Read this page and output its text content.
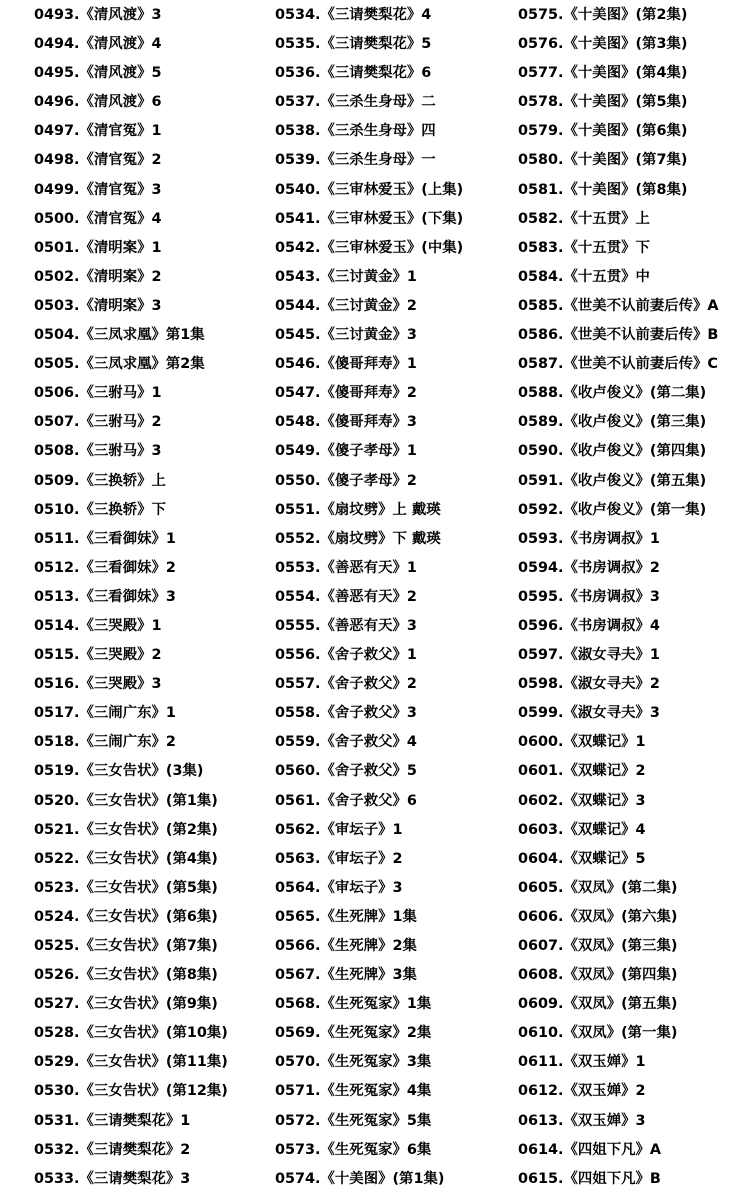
0493.《清风渡》3
0494.《清风渡》4
0495.《清风渡》5
0496.《清风渡》6
0497.《清官冤》1
0498.《清官冤》2
0499.《清官冤》3
0500.《清官冤》4
0501.《清明案》1
0502.《清明案》2
0503.《清明案》3
0504.《三凤求凰》第1集
0505.《三凤求凰》第2集
0506.《三驸马》1
0507.《三驸马》2
0508.《三驸马》3
0509.《三换轿》上
0510.《三换轿》下
0511.《三看御妹》1
0512.《三看御妹》2
0513.《三看御妹》3
0514.《三哭殿》1
0515.《三哭殿》2
0516.《三哭殿》3
0517.《三闹广东》1
0518.《三闹广东》2
0519.《三女告状》(3集)
0520.《三女告状》(第1集)
0521.《三女告状》(第2集)
0522.《三女告状》(第4集)
0523.《三女告状》(第5集)
0524.《三女告状》(第6集)
0525.《三女告状》(第7集)
0526.《三女告状》(第8集)
0527.《三女告状》(第9集)
0528.《三女告状》(第10集)
0529.《三女告状》(第11集)
0530.《三女告状》(第12集)
0531.《三请樊梨花》1
0532.《三请樊梨花》2
0533.《三请樊梨花》3
0534.《三请樊梨花》4
0535.《三请樊梨花》5
0536.《三请樊梨花》6
0537.《三杀生身母》二
0538.《三杀生身母》四
0539.《三杀生身母》一
0540.《三审林爱玉》(上集)
0541.《三审林爱玉》(下集)
0542.《三审林爱玉》(中集)
0543.《三讨黄金》1
0544.《三讨黄金》2
0545.《三讨黄金》3
0546.《傻哥拜寿》1
0547.《傻哥拜寿》2
0548.《傻哥拜寿》3
0549.《傻子孝母》1
0550.《傻子孝母》2
0551.《扇坟劈》上 戴瑛
0552.《扇坟劈》下 戴瑛
0553.《善恶有天》1
0554.《善恶有天》2
0555.《善恶有天》3
0556.《舍子救父》1
0557.《舍子救父》2
0558.《舍子救父》3
0559.《舍子救父》4
0560.《舍子救父》5
0561.《舍子救父》6
0562.《审坛子》1
0563.《审坛子》2
0564.《审坛子》3
0565.《生死牌》1集
0566.《生死牌》2集
0567.《生死牌》3集
0568.《生死冤家》1集
0569.《生死冤家》2集
0570.《生死冤家》3集
0571.《生死冤家》4集
0572.《生死冤家》5集
0573.《生死冤家》6集
0574.《十美图》(第1集)
0575.《十美图》(第2集)
0576.《十美图》(第3集)
0577.《十美图》(第4集)
0578.《十美图》(第5集)
0579.《十美图》(第6集)
0580.《十美图》(第7集)
0581.《十美图》(第8集)
0582.《十五贯》上
0583.《十五贯》下
0584.《十五贯》中
0585.《世美不认前妻后传》A
0586.《世美不认前妻后传》B
0587.《世美不认前妻后传》C
0588.《收卢俊义》(第二集)
0589.《收卢俊义》(第三集)
0590.《收卢俊义》(第四集)
0591.《收卢俊义》(第五集)
0592.《收卢俊义》(第一集)
0593.《书房调叔》1
0594.《书房调叔》2
0595.《书房调叔》3
0596.《书房调叔》4
0597.《淑女寻夫》1
0598.《淑女寻夫》2
0599.《淑女寻夫》3
0600.《双蝶记》1
0601.《双蝶记》2
0602.《双蝶记》3
0603.《双蝶记》4
0604.《双蝶记》5
0605.《双凤》(第二集)
0606.《双凤》(第六集)
0607.《双凤》(第三集)
0608.《双凤》(第四集)
0609.《双凤》(第五集)
0610.《双凤》(第一集)
0611.《双玉婵》1
0612.《双玉婵》2
0613.《双玉婵》3
0614.《四姐下凡》A
0615.《四姐下凡》B
